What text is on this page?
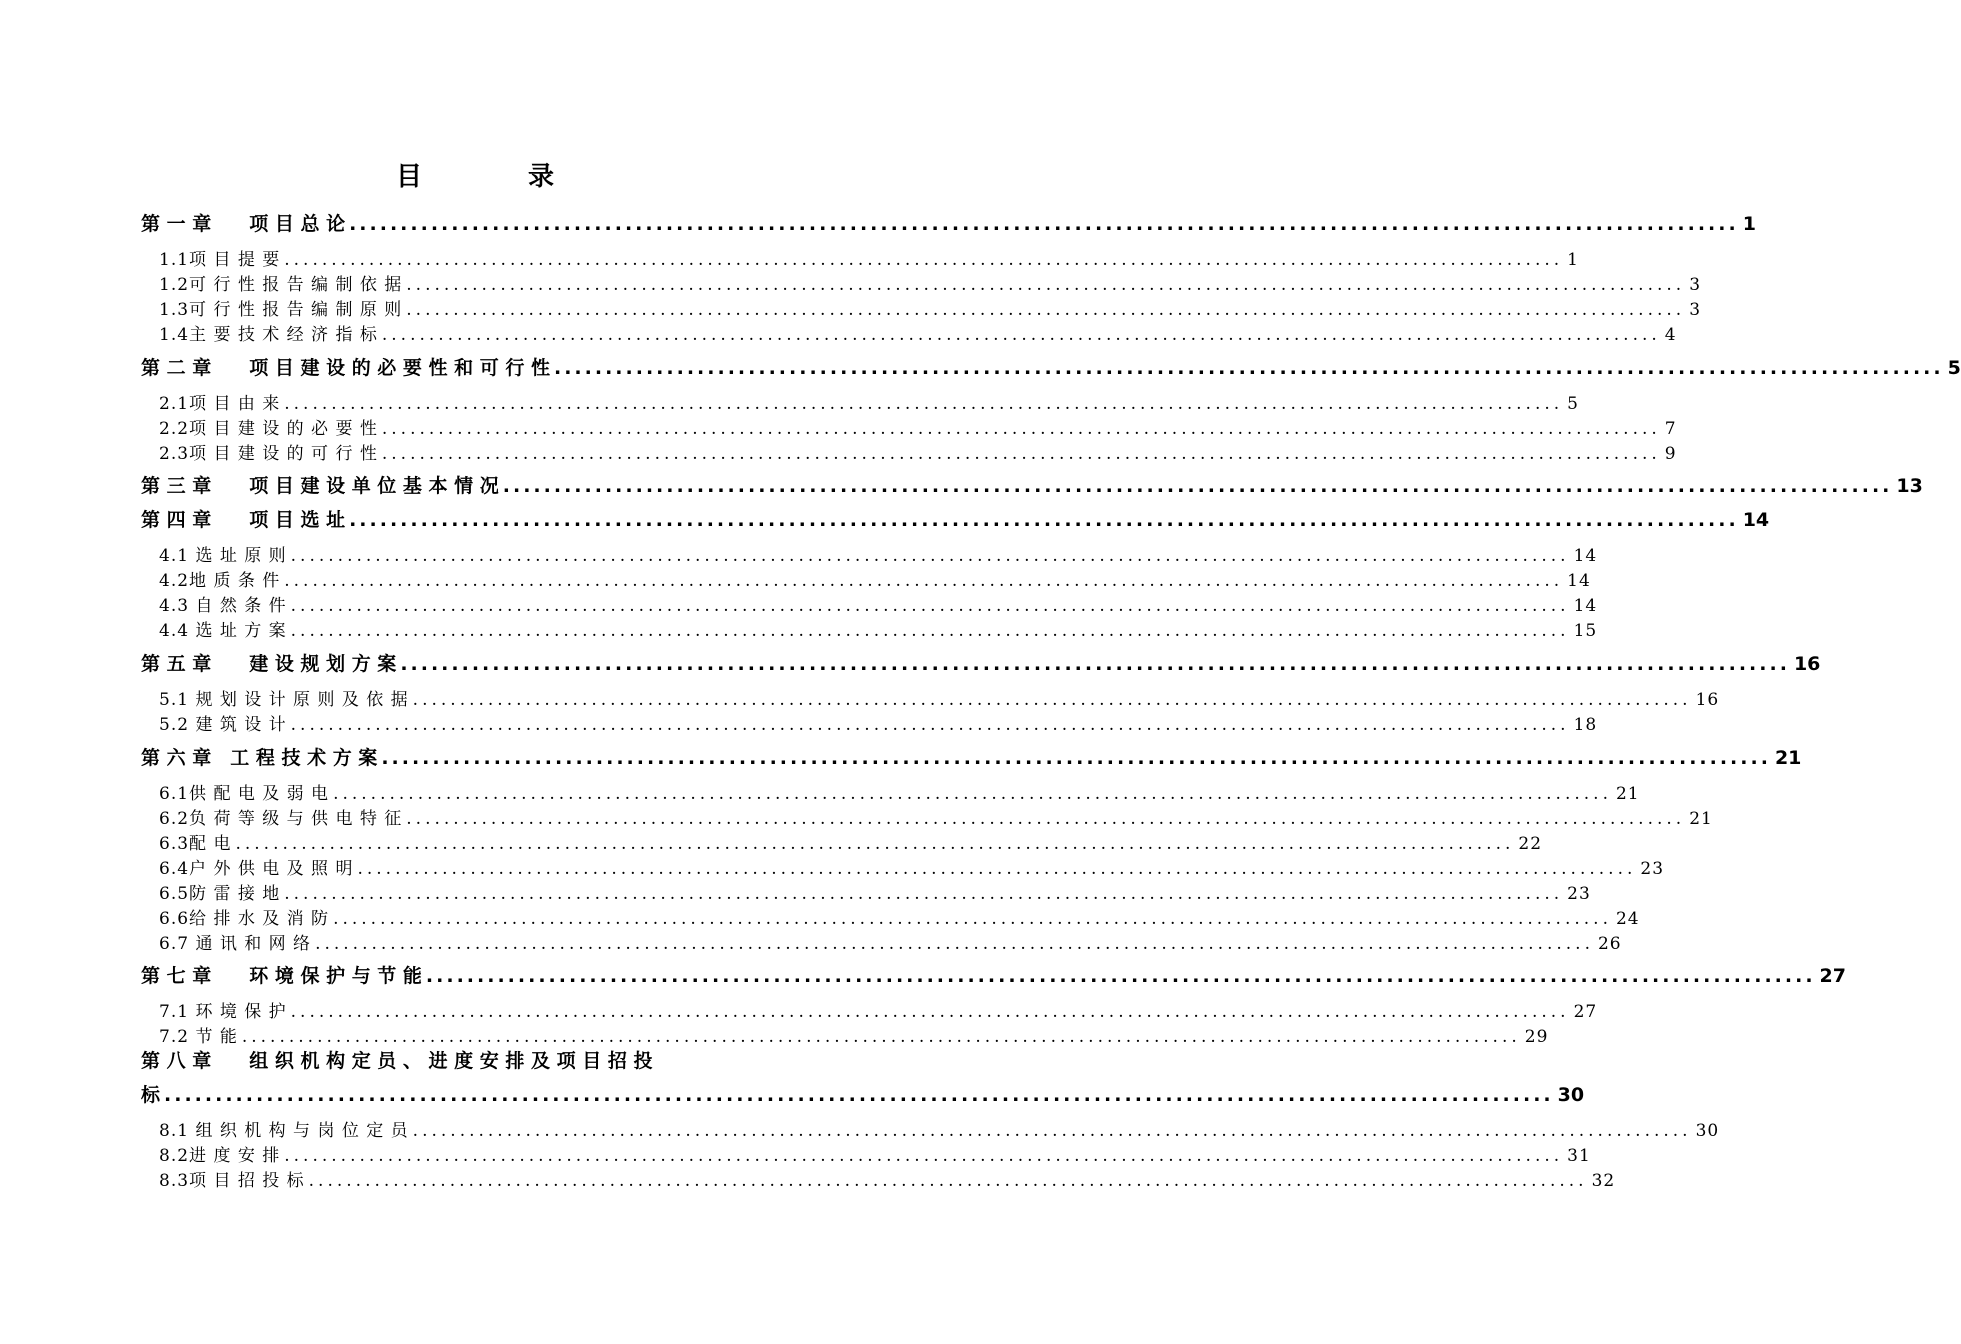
目　录
第 一 章　　项 目 总 论 ........................................................................................................................................ 1
1.1项 目 提 要 ........................................................................................................................................ 1
1.2可 行 性 报 告 编 制 依 据 ........................................................................................................................................ 3
1.3可 行 性 报 告 编 制 原 则 ........................................................................................................................................ 3
1.4主 要 技 术 经 济 指 标 ........................................................................................................................................ 4
第 二 章　　项 目 建 设 的 必 要 性 和 可 行 性 ........................................................................................................................................ 5
2.1项 目 由 来 ........................................................................................................................................ 5
2.2项 目 建 设 的 必 要 性 ........................................................................................................................................ 7
2.3项 目 建 设 的 可 行 性 ........................................................................................................................................ 9
第 三 章　　项 目 建 设 单 位 基 本 情 况 ........................................................................................................................................ 13
第 四 章　　项 目 选 址 ........................................................................................................................................ 14
4.1 选 址 原 则 ........................................................................................................................................ 14
4.2地 质 条 件 ........................................................................................................................................ 14
4.3 自 然 条 件 ........................................................................................................................................ 14
4.4 选 址 方 案 ........................................................................................................................................ 15
第 五 章　　建 设 规 划 方 案 ........................................................................................................................................ 16
5.1 规 划 设 计 原 则 及 依 据 ........................................................................................................................................ 16
5.2 建 筑 设 计 ........................................................................................................................................ 18
第 六 章　工 程 技 术 方 案 ........................................................................................................................................ 21
6.1供 配 电 及 弱 电 ........................................................................................................................................ 21
6.2负 荷 等 级 与 供 电 特 征 ........................................................................................................................................ 21
6.3配 电 ........................................................................................................................................ 22
6.4户 外 供 电 及 照 明 ........................................................................................................................................ 23
6.5防 雷 接 地 ........................................................................................................................................ 23
6.6给 排 水 及 消 防 ........................................................................................................................................ 24
6.7 通 讯 和 网 络 ........................................................................................................................................ 26
第 七 章　　环 境 保 护 与 节 能 ........................................................................................................................................ 27
7.1 环 境 保 护 ........................................................................................................................................ 27
7.2 节 能 ........................................................................................................................................ 29
第 八 章　　组 织 机 构 定 员 、 进 度 安 排 及 项 目 招 投
标 ........................................................................................................................................ 30
8.1 组 织 机 构 与 岗 位 定 员 ........................................................................................................................................ 30
8.2进 度 安 排 ........................................................................................................................................ 31
8.3项 目 招 投 标 ........................................................................................................................................ 32
